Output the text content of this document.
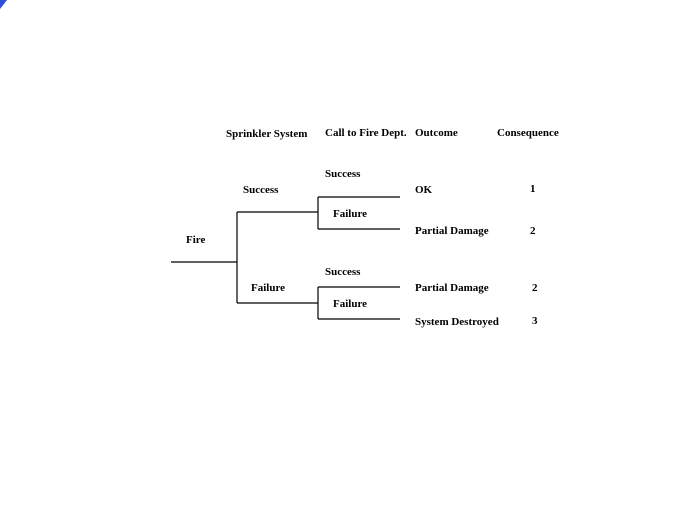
Sprinkler System Call to Fire Dept. Outcome	Consequence
Fire
Success
Failure
Success
Failure
Success
Failure
OK
Partial Damage
Partial Damage
System Destroyed
1
2
2
3
